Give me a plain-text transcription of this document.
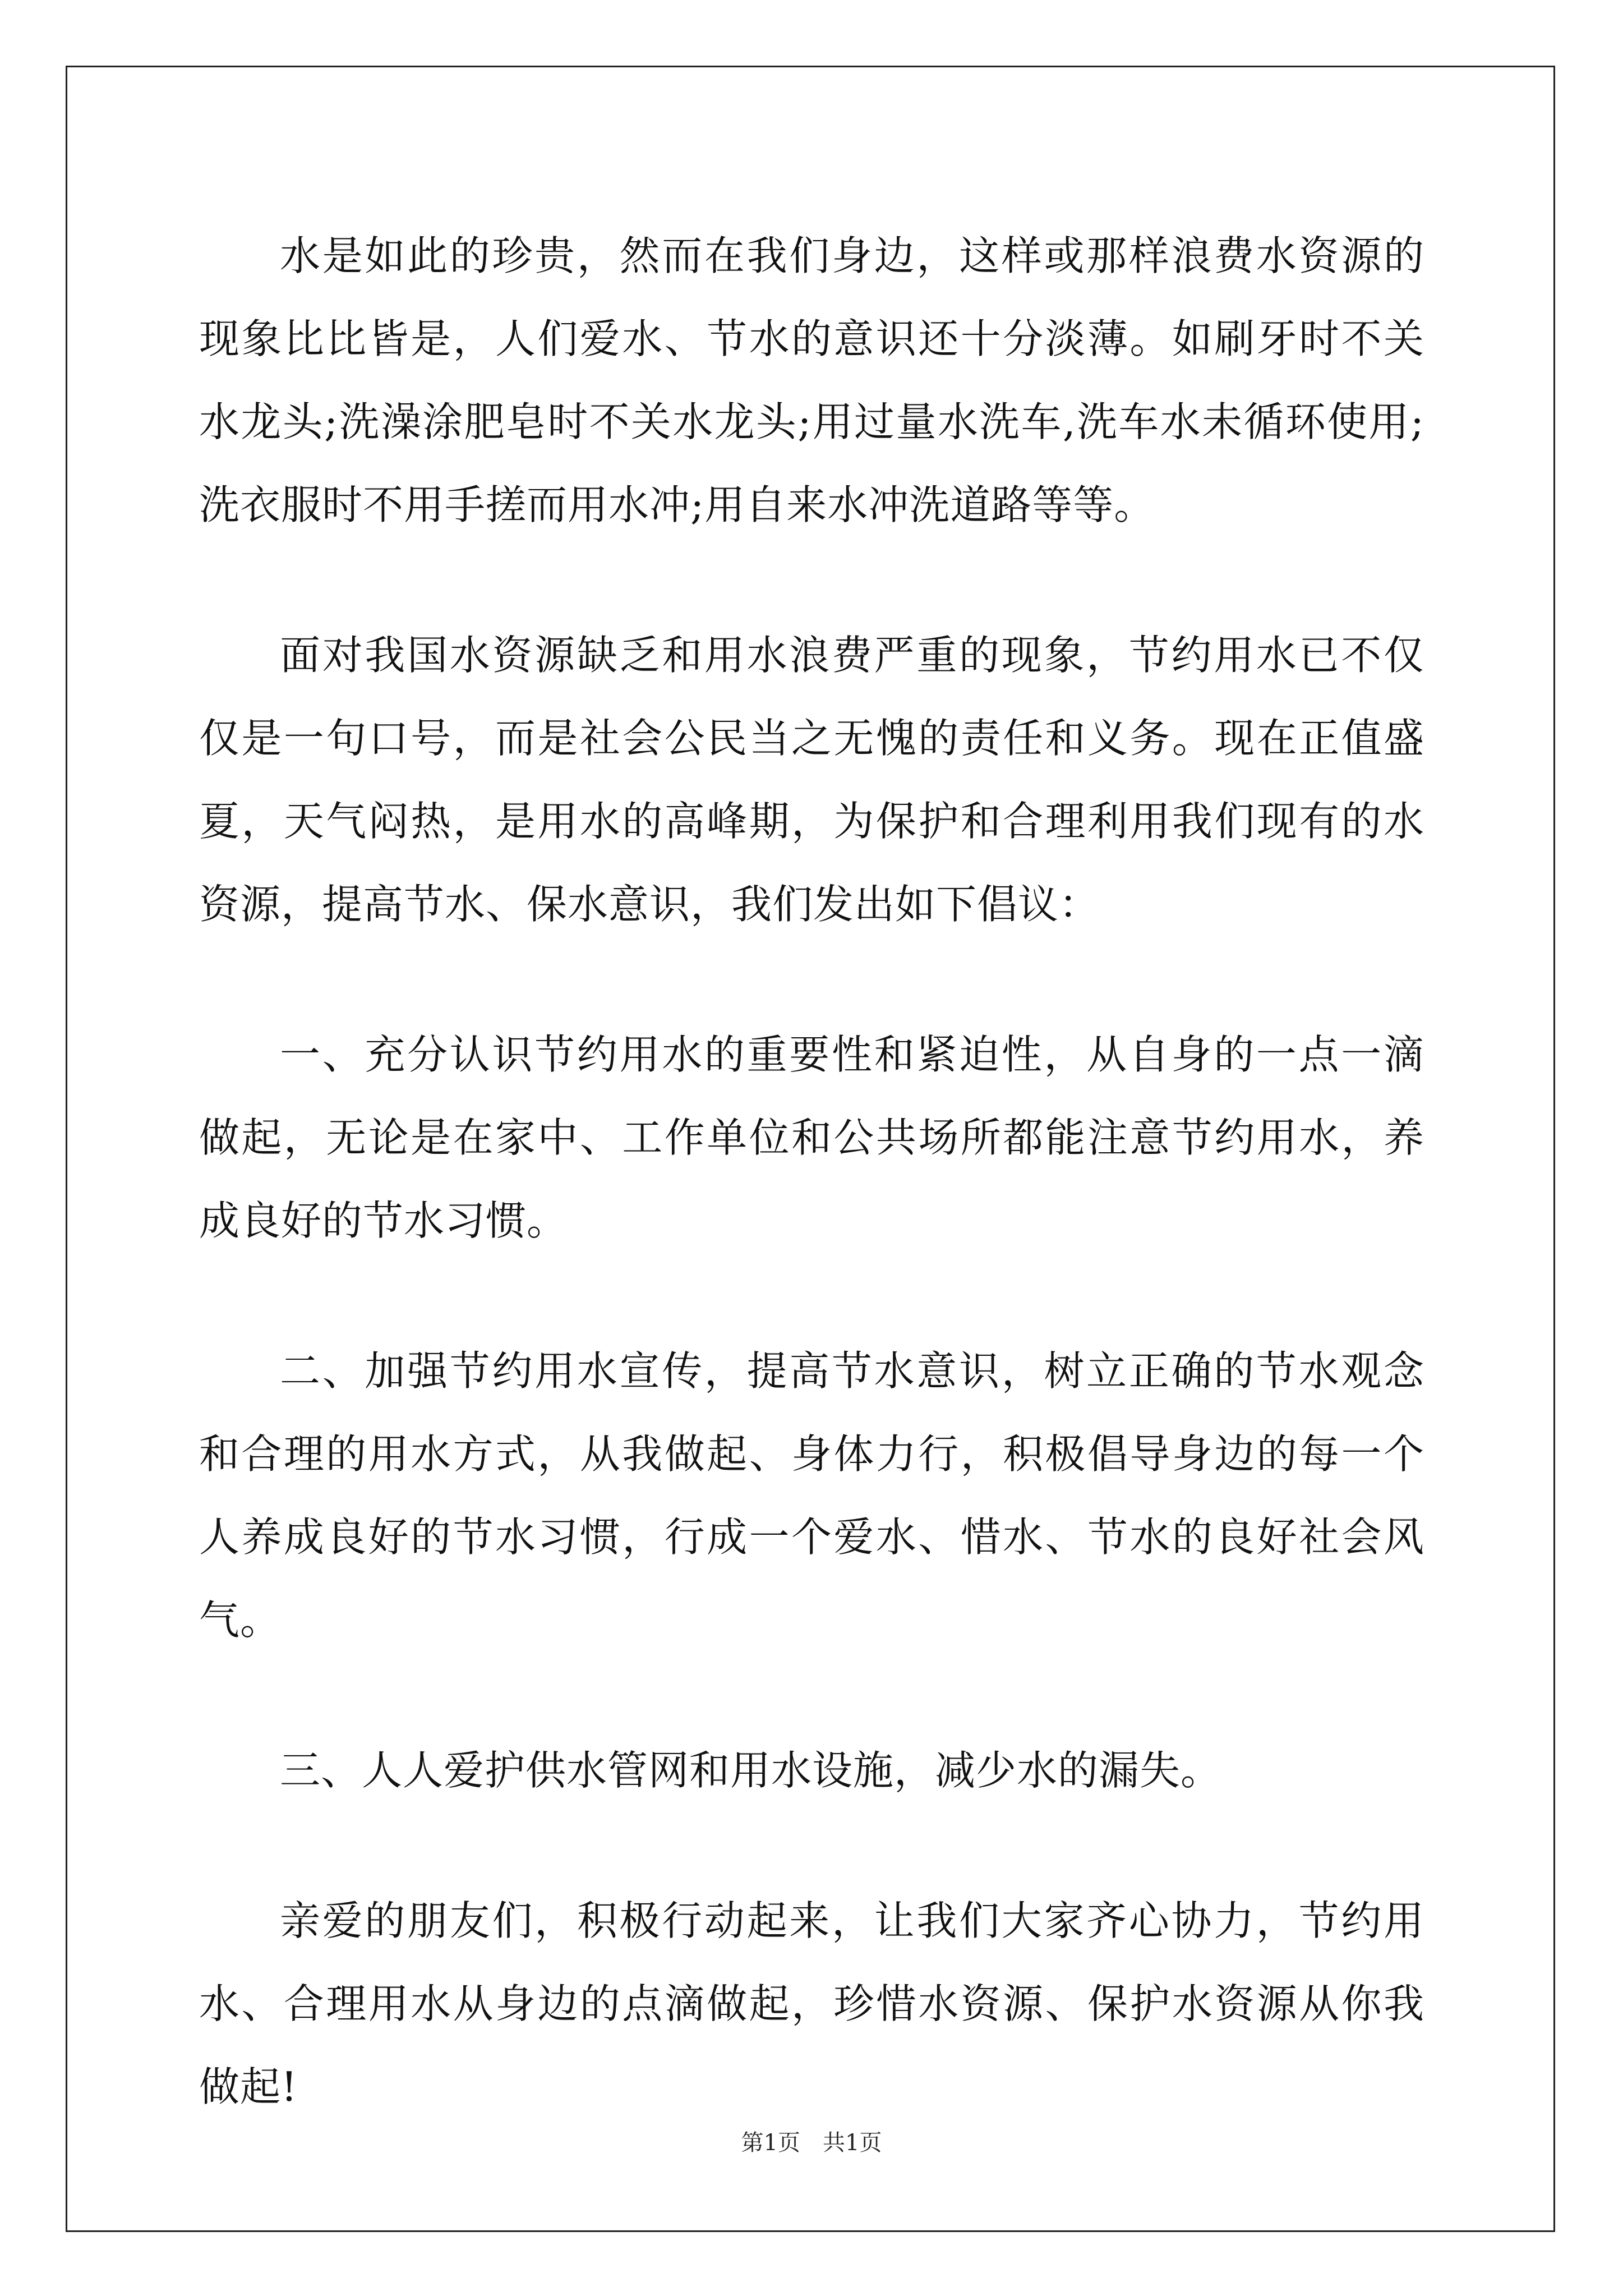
水是如此的珍贵，然而在我们身边，这样或那样浪费水资源的现象比比皆是，人们爱水、节水的意识还十分淡薄。如刷牙时不关水龙头;洗澡涂肥皂时不关水龙头;用过量水洗车,洗车水未循环使用;洗衣服时不用手搓而用水冲;用自来水冲洗道路等等。

面对我国水资源缺乏和用水浪费严重的现象，节约用水已不仅仅是一句口号，而是社会公民当之无愧的责任和义务。现在正值盛夏，天气闷热，是用水的高峰期，为保护和合理利用我们现有的水资源，提高节水、保水意识，我们发出如下倡议：

一、充分认识节约用水的重要性和紧迫性，从自身的一点一滴做起，无论是在家中、工作单位和公共场所都能注意节约用水，养成良好的节水习惯。

二、加强节约用水宣传，提高节水意识，树立正确的节水观念和合理的用水方式，从我做起、身体力行，积极倡导身边的每一个人养成良好的节水习惯，行成一个爱水、惜水、节水的良好社会风气。

三、人人爱护供水管网和用水设施，减少水的漏失。

亲爱的朋友们，积极行动起来，让我们大家齐心协力，节约用水、合理用水从身边的点滴做起，珍惜水资源、保护水资源从你我做起!

第1页　共1页
